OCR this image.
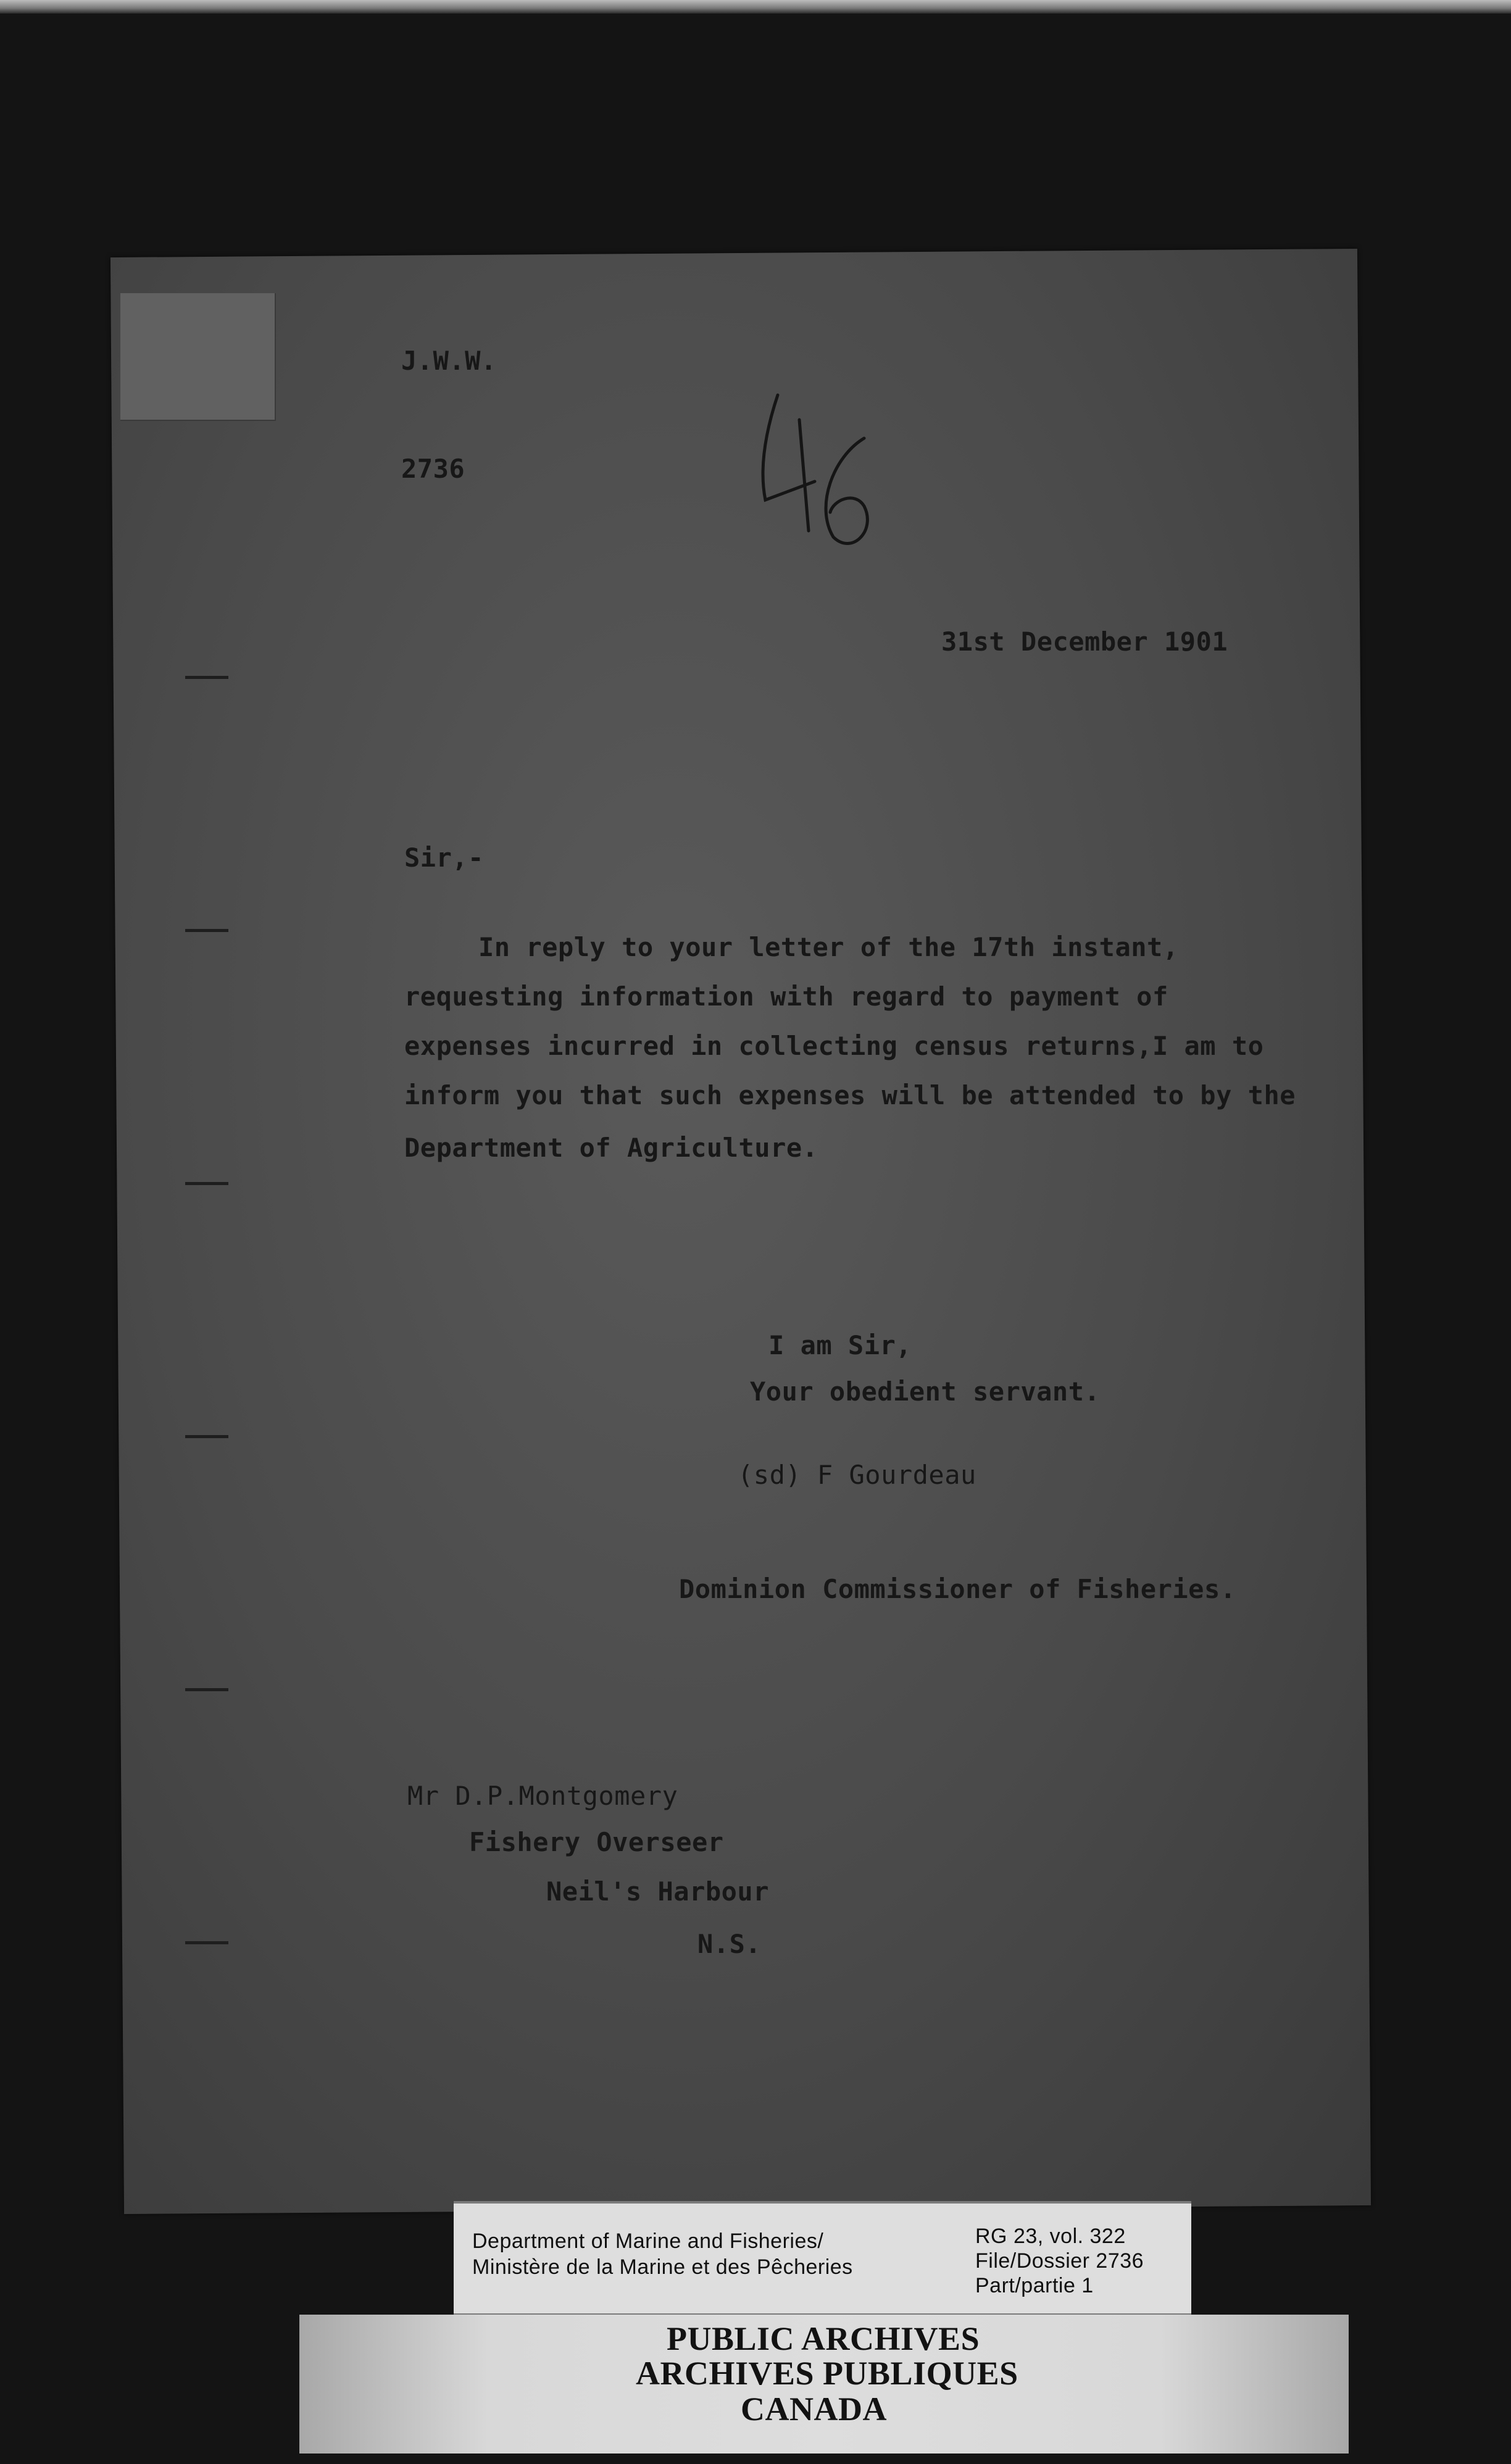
J.W.W.
2736
31st December 1901
Sir,-
In reply to your letter of the 17th instant,
requesting information with regard to payment of
expenses incurred in collecting census returns,I am to
inform you that such expenses will be attended to by the
Department of Agriculture.
I am Sir,
Your obedient servant.
(sd) F Gourdeau
Dominion Commissioner of Fisheries.
Mr D.P.Montgomery
Fishery Overseer
Neil's Harbour
N.S.
Department of Marine and Fisheries/
Ministère de la Marine et des Pêcheries
RG 23, vol. 322
File/Dossier 2736
Part/partie 1
PUBLIC ARCHIVES
ARCHIVES PUBLIQUES
CANADA
